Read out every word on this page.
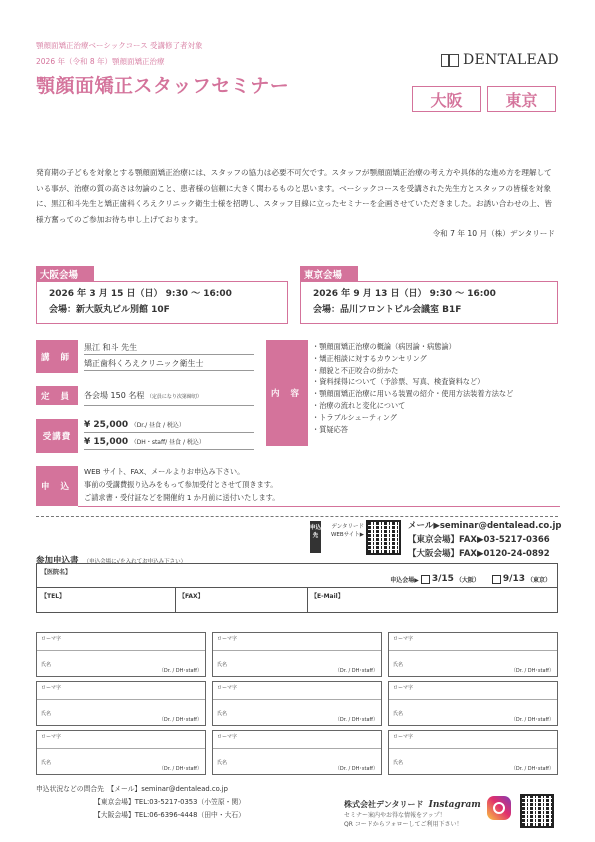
顎顔面矯正治療ベーシックコース 受講修了者対象
2026 年（令和 8 年）顎顔面矯正治療
顎顔面矯正スタッフセミナー
DENTALEAD
大阪	東京
発育期の子どもを対象とする顎顔面矯正治療には、スタッフの協力は必要不可欠です。スタッフが顎顔面矯正治療の考え方や具体的な進め方を理解している事が、治療の質の高さは勿論のこと、患者様の信頼に大きく関わるものと思います。ベーシックコースを受講された先生方とスタッフの皆様を対象に、黒江和斗先生と矯正歯科くろえクリニック衛生士様を招聘し、スタッフ目線に立ったセミナーを企画させていただきました。お誘い合わせの上、皆様方奮ってのご参加お待ち申し上げております。
令和 7 年 10 月（株）デンタリード
大阪会場
2026 年 3 月 15 日（日） 9:30 ～ 16:00
会場：新大阪丸ビル別館 10F
東京会場
2026 年 9 月 13 日（日） 9:30 ～ 16:00
会場：品川フロントビル会議室 B1F
講 師
黒江 和斗 先生
矯正歯科くろえクリニック衛生士
定 員	各会場 150 名程 （定員になり次第締切）
受講費
¥ 25,000 （Dr./ 昼食 / 税込）
¥ 15,000 （DH・staff/ 昼食 / 税込）
内 容
・ 顎顔面矯正治療の概論（病因論・病態論）
・ 矯正相談に対するカウンセリング
・ 顔貌と不正咬合の紛かた
・ 資料採得について（予診票、写真、検査資料など）
・ 顎顔面矯正治療に用いる装置の紹介・使用方法装着方法など
・ 治療の流れと変化について
・ トラブルシューティング
・ 質疑応答
申 込
WEB サイト、FAX、メールよりお申込み下さい。
事前の受講費振り込みをもって参加受付とさせて頂きます。
ご請求書・受付証などを開催約 1 か月前に送付いたします。
申込先
デンタリード WEBサイト▶
メール▶seminar@dentalead.co.jp
【東京会場】FAX▶03-5217-0366
【大阪会場】FAX▶0120-24-0892
参加申込書 （申込会場に√を入れてお申込み下さい）
【医院名】
申込会場▶ 3/15 （大阪）	9/13 （東京）
【TEL】	【FAX】	【E-Mail】
ローマ字
氏名
（Dr. / DH･staff）
ローマ字
氏名
（Dr. / DH･staff）
ローマ字
氏名
（Dr. / DH･staff）
ローマ字
氏名
（Dr. / DH･staff）
ローマ字
氏名
（Dr. / DH･staff）
ローマ字
氏名
（Dr. / DH･staff）
ローマ字
氏名
（Dr. / DH･staff）
ローマ字
氏名
（Dr. / DH･staff）
ローマ字
氏名
（Dr. / DH･staff）
申込状況などの問合先　 【メール】seminar@dentalead.co.jp
【東京会場】TEL:03-5217-0353（小笠原・関）
【大阪会場】TEL:06-6396-4448（田中・大石）
株式会社デンタリード Instagram
セミナー案内やお得な情報をアップ！
QR コードからフォローしてご利用下さい！
